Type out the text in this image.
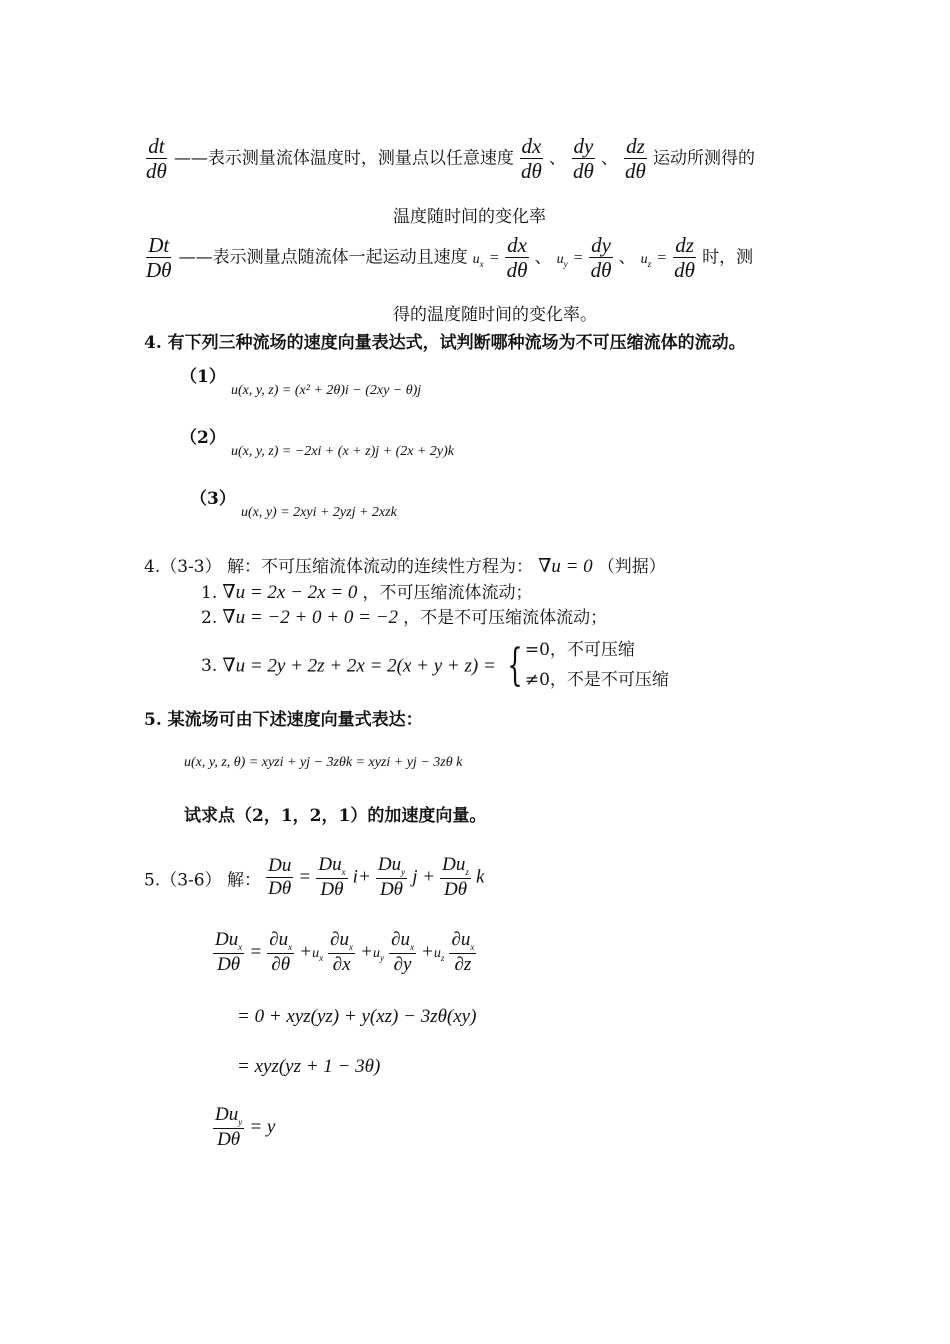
$\frac{dt}{d\theta}$ ——表示测量流体温度时，测量点以任意速度 $\frac{dx}{d\theta}$ 、 $\frac{dy}{d\theta}$ 、 $\frac{dz}{d\theta}$ 运动所测得的
温度随时间的变化率
$\frac{Dt}{D\theta}$ ——表示测量点随流体一起运动且速度 $u_x = \frac{dx}{d\theta}$ 、 $u_y = \frac{dy}{d\theta}$ 、 $u_z = \frac{dz}{d\theta}$ 时，测
得的温度随时间的变化率。
4. 有下列三种流场的速度向量表达式，试判断哪种流场为不可压缩流体的流动。
（1） u(x, y, z) = (x² + 2θ)i − (2xy − θ)j
（2） u(x, y, z) = −2xi + (x + z)j + (2x + 2y)k
（3） u(x, y) = 2xyi + 2yzj + 2xzk
4.（3-3） 解：不可压缩流体流动的连续性方程为： ∇u = 0 （判据）
1. ∇u = 2x − 2x = 0 ，不可压缩流体流动；
2. ∇u = −2 + 0 + 0 = −2 ，不是不可压缩流体流动；
3. ∇u = 2y + 2z + 2x = 2(x + y + z) = { =0，不可压缩
≠0，不是不可压缩
5. 某流场可由下述速度向量式表达：
u(x, y, z, θ) = xyzi + yj − 3zθk = xyzi + yj − 3zθ k
试求点（2，1，2，1）的加速度向量。
5.（3-6） 解： $\frac{Du}{D\theta} = \frac{Du_x}{D\theta} i+ \frac{Du_y}{D\theta}$ $j + \frac{Du_z}{D\theta}$ k
$\frac{Du_x}{D\theta} = \frac{\partial u_x}{\partial\theta} +u_x \frac{\partial u_x}{\partial x} +u_y \frac{\partial u_x}{\partial y} +u_z \frac{\partial u_x}{\partial z}$
= 0 + xyz(yz) + y(xz) − 3zθ(xy)
= xyz(yz + 1 − 3θ)
$\frac{Du_y}{D\theta} = y$
